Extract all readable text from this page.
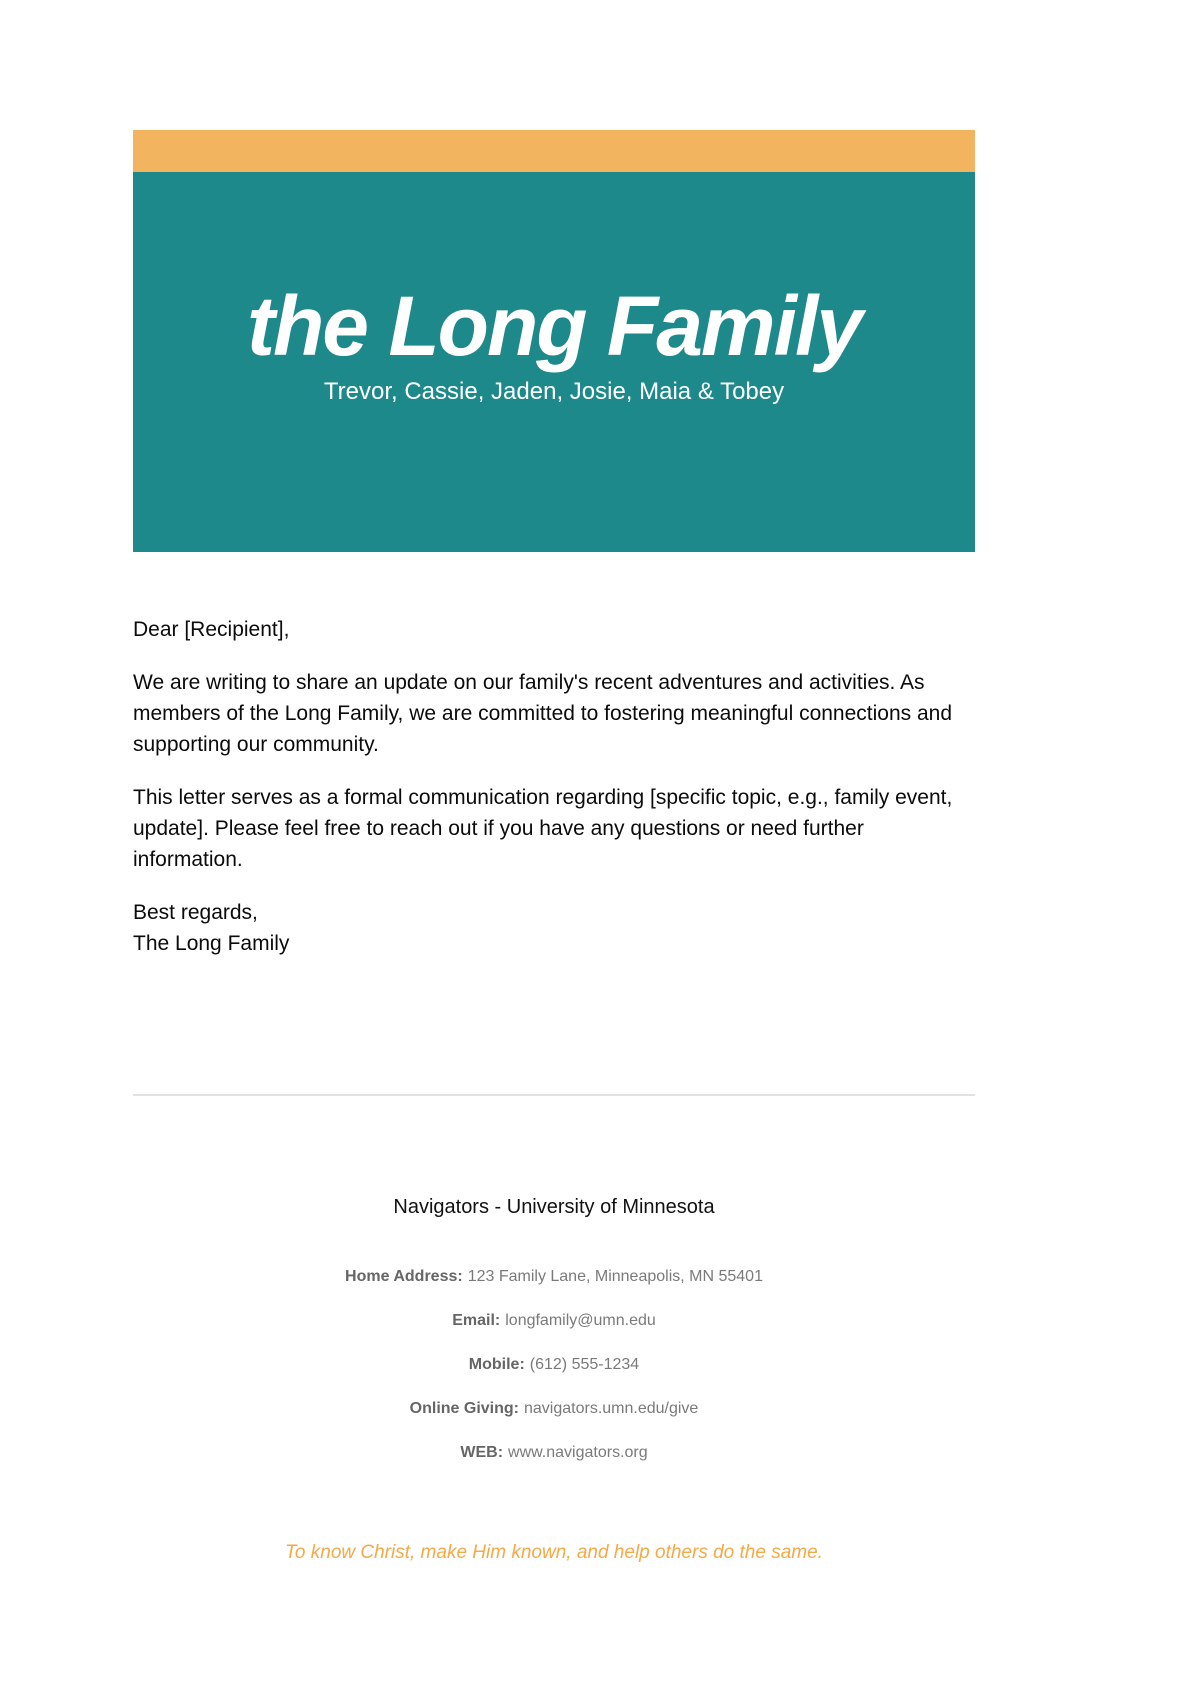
the Long Family
Trevor, Cassie, Jaden, Josie, Maia & Tobey

Dear [Recipient],

We are writing to share an update on our family's recent adventures and activities. As members of the Long Family, we are committed to fostering meaningful connections and supporting our community.

This letter serves as a formal communication regarding [specific topic, e.g., family event, update]. Please feel free to reach out if you have any questions or need further information.

Best regards,
The Long Family
Navigators - University of Minnesota
Home Address: 123 Family Lane, Minneapolis, MN 55401
Email: longfamily@umn.edu
Mobile: (612) 555-1234
Online Giving: navigators.umn.edu/give
WEB: www.navigators.org
To know Christ, make Him known, and help others do the same.
